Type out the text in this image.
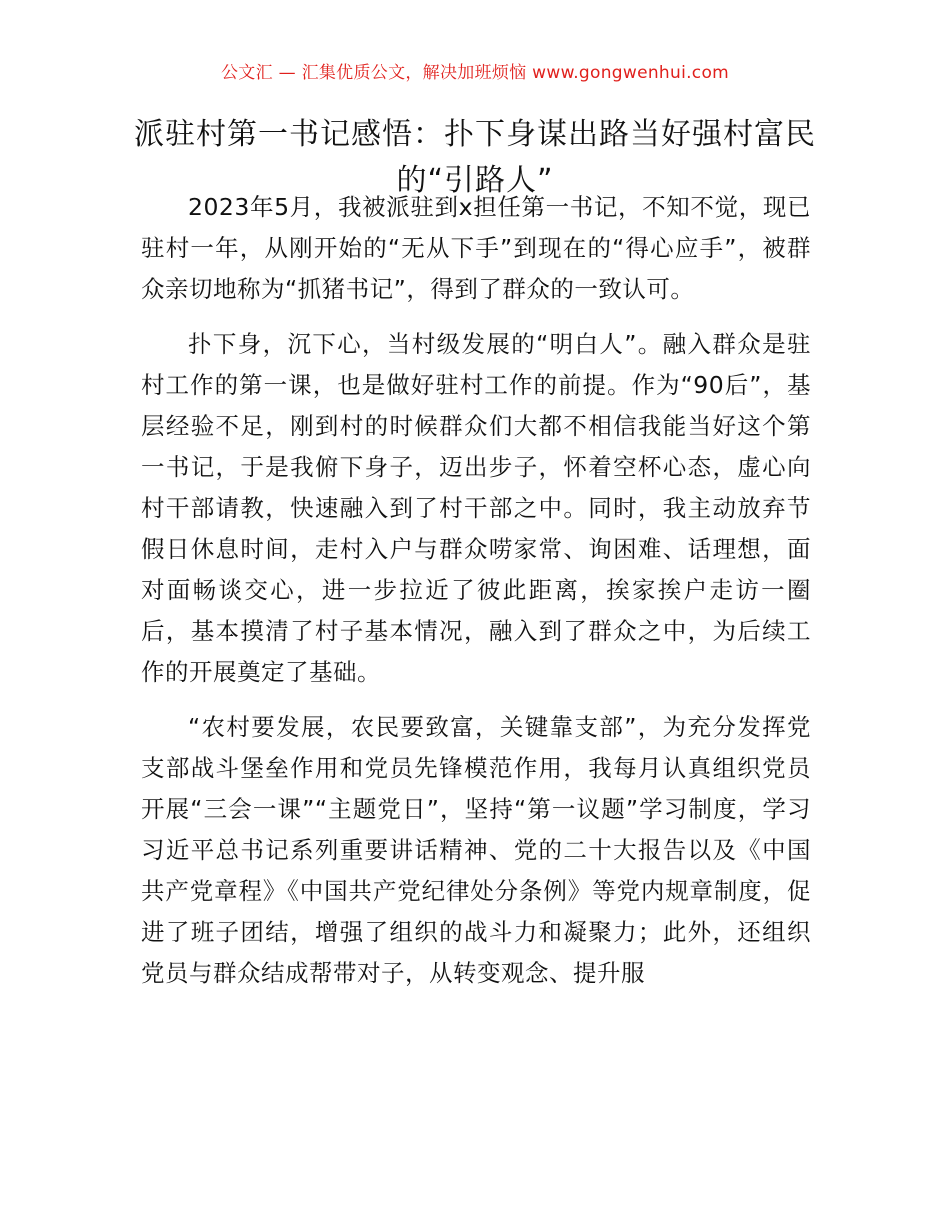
公文汇 — 汇集优质公文，解决加班烦恼 www.gongwenhui.com
派驻村第一书记感悟：扑下身谋出路当好强村富民的“引路人”

2023年5月，我被派驻到x担任第一书记，不知不觉，现已驻村一年，从刚开始的“无从下手”到现在的“得心应手”，被群众亲切地称为“抓猪书记”，得到了群众的一致认可。

扑下身，沉下心，当村级发展的“明白人”。融入群众是驻村工作的第一课，也是做好驻村工作的前提。作为“90后”，基层经验不足，刚到村的时候群众们大都不相信我能当好这个第一书记，于是我俯下身子，迈出步子，怀着空杯心态，虚心向村干部请教，快速融入到了村干部之中。同时，我主动放弃节假日休息时间，走村入户与群众唠家常、询困难、话理想，面对面畅谈交心，进一步拉近了彼此距离，挨家挨户走访一圈后，基本摸清了村子基本情况，融入到了群众之中，为后续工作的开展奠定了基础。

“农村要发展，农民要致富，关键靠支部”，为充分发挥党支部战斗堡垒作用和党员先锋模范作用，我每月认真组织党员开展“三会一课”“主题党日”，坚持“第一议题”学习制度，学习习近平总书记系列重要讲话精神、党的二十大报告以及《中国共产党章程》《中国共产党纪律处分条例》等党内规章制度，促进了班子团结，增强了组织的战斗力和凝聚力；此外，还组织党员与群众结成帮带对子，从转变观念、提升服
